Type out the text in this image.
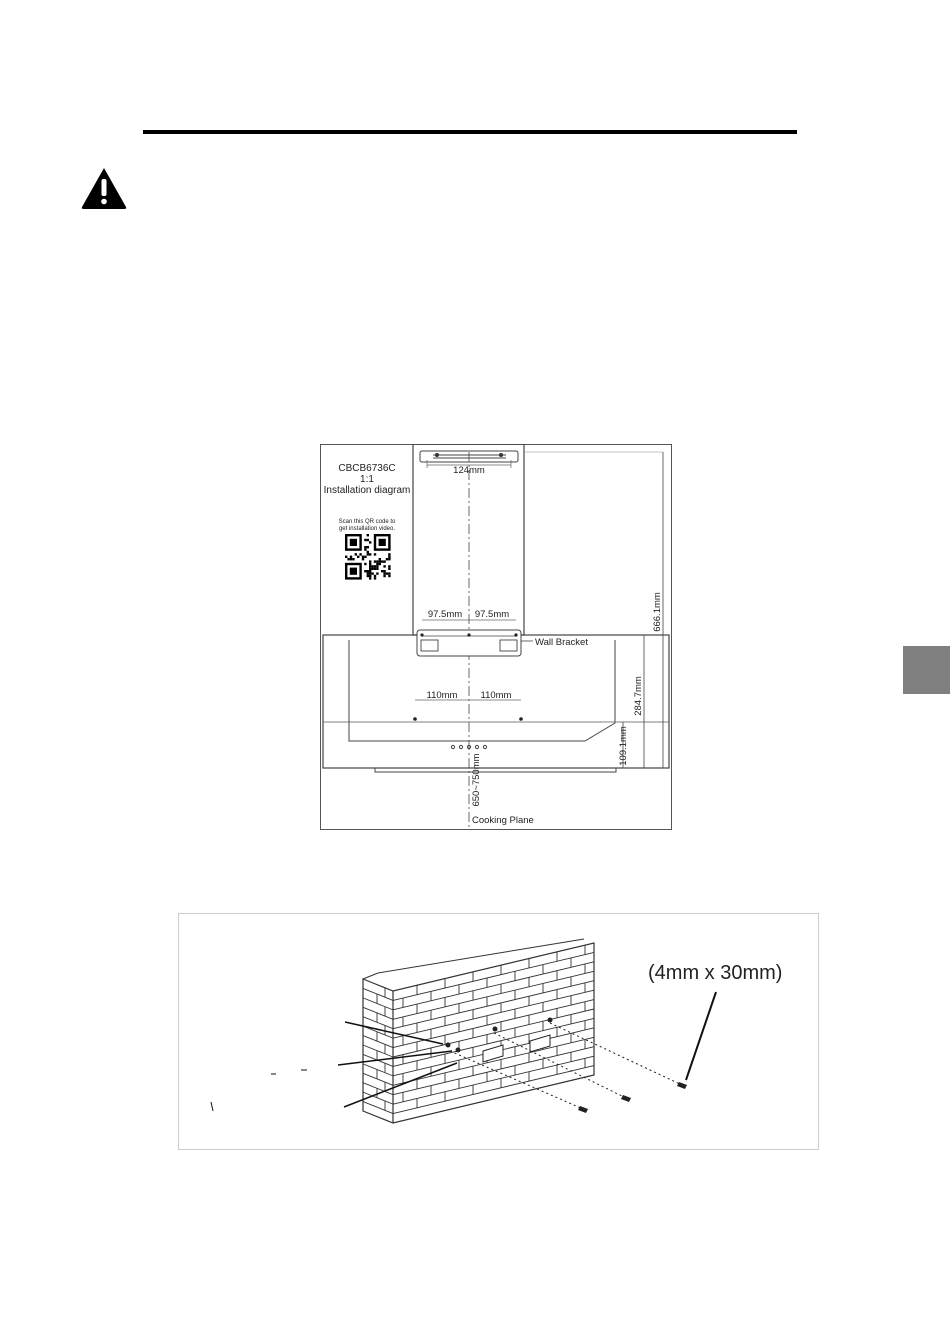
124mm
CBCB6736C
1:1
Installation diagram
Scan this QR code to
get installation video.
97.5mm 97.5mm
Wall Bracket
110mm 110mm
666.1mm
284.7mm
109.1mm
650~750mm
Cooking Plane
(4mm x 30mm)
